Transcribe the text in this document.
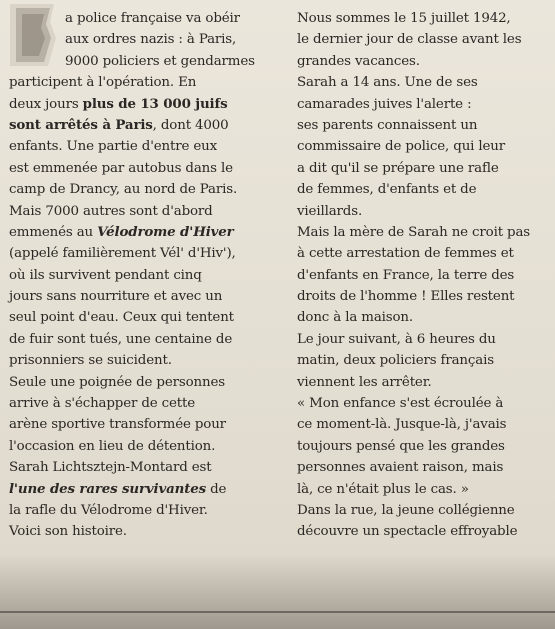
a police française va obéir
aux ordres nazis : à Paris,
9000 policiers et gendarmes
participent à l'opération. En
deux jours plus de 13 000 juifs
sont arrêtés à Paris, dont 4000
enfants. Une partie d'entre eux
est emmenée par autobus dans le
camp de Drancy, au nord de Paris.
Mais 7000 autres sont d'abord
emmenés au Vélodrome d'Hiver
(appelé familièrement Vél' d'Hiv'),
où ils survivent pendant cinq
jours sans nourriture et avec un
seul point d'eau. Ceux qui tentent
de fuir sont tués, une centaine de
prisonniers se suicident.
Seule une poignée de personnes
arrive à s'échapper de cette
arène sportive transformée pour
l'occasion en lieu de détention.
Sarah Lichtsztejn-Montard est
l'une des rares survivantes de
la rafle du Vélodrome d'Hiver.
Voici son histoire.
Nous sommes le 15 juillet 1942,
le dernier jour de classe avant les
grandes vacances.
Sarah a 14 ans. Une de ses
camarades juives l'alerte :
ses parents connaissent un
commissaire de police, qui leur
a dit qu'il se prépare une rafle
de femmes, d'enfants et de
vieillards.
Mais la mère de Sarah ne croit pas
à cette arrestation de femmes et
d'enfants en France, la terre des
droits de l'homme ! Elles restent
donc à la maison.
Le jour suivant, à 6 heures du
matin, deux policiers français
viennent les arrêter.
« Mon enfance s'est écroulée à
ce moment-là. Jusque-là, j'avais
toujours pensé que les grandes
personnes avaient raison, mais
là, ce n'était plus le cas. »
Dans la rue, la jeune collégienne
découvre un spectacle effroyable
